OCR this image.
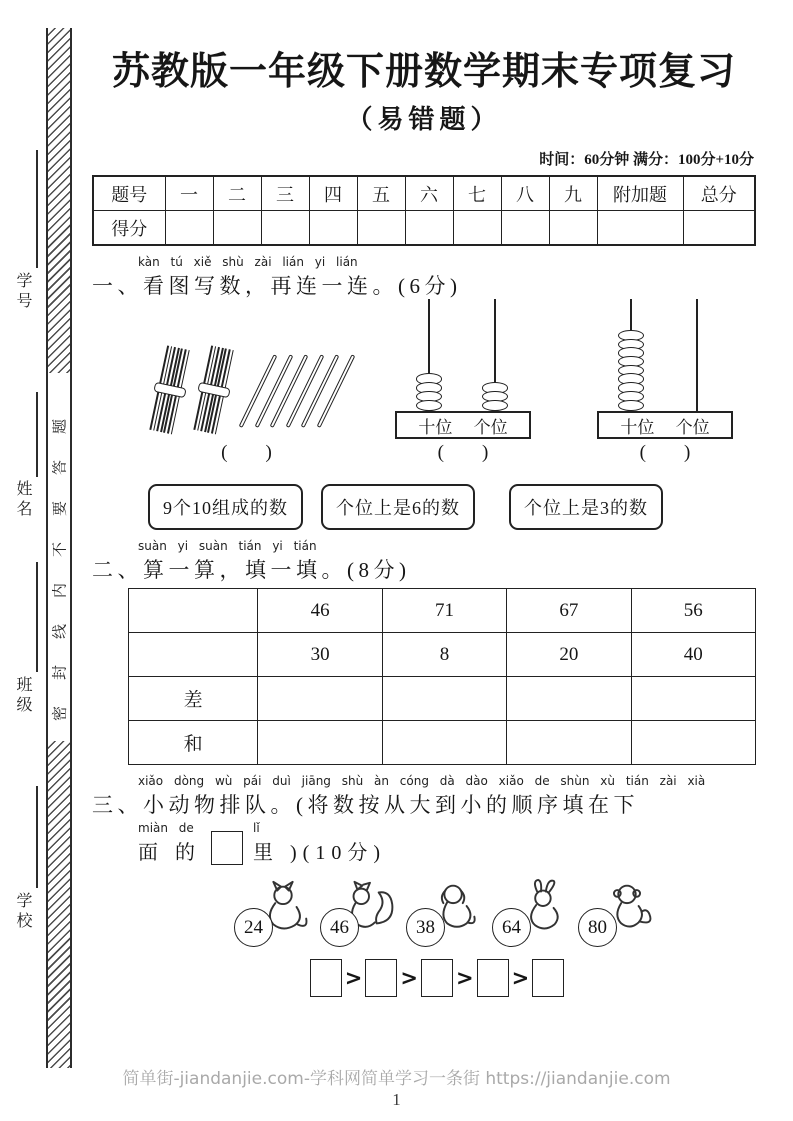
学号
姓名
班级
学校
密封线内不要答题
苏教版一年级下册数学期末专项复习
（易错题）
时间：60分钟 满分：100分+10分
题号	一	二	三	四	五	六	七	八	九	附加题	总分
得分											
kàn tú xiě shù zài lián yi lián
一、看图写数，再连一连。(6分)
(        )
十位 个位
(        )
十位 个位
(        )
9个10组成的数	个位上是6的数	个位上是3的数
suàn yi suàn tián yi tián
二、算一算，填一填。(8分)
	46	71	67	56
	30	8	20	40
差				
和				
xiǎo dòng wù pái duì jiāng shù àn cóng dà dào xiǎo de shùn xù tián zài xià
三、小动物排队。(将数按从大到小的顺序填在下
miàn de
面 的
lǐ
里 )(10分)
24	46	38	64	80
> > > >
简单街-jiandanjie.com-学科网简单学习一条街 https://jiandanjie.com
1
